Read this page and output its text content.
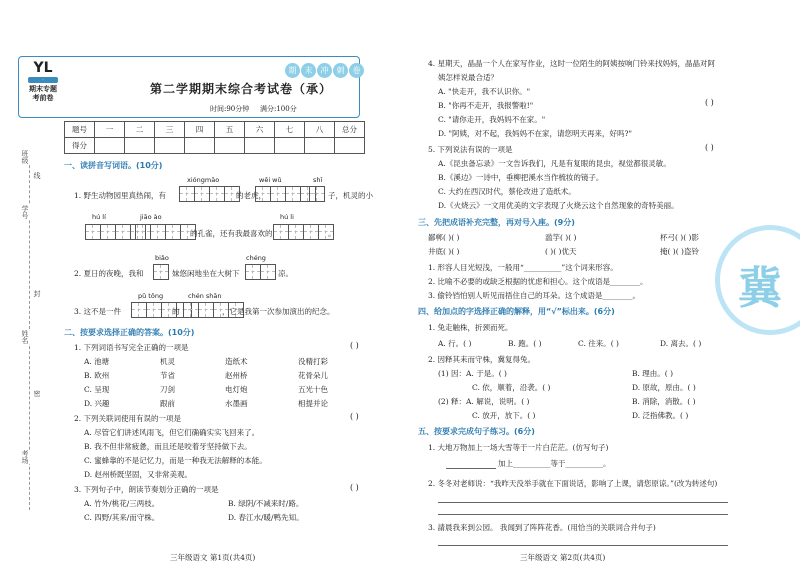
班级
学号
姓名
考场
线
封
密
YL
·
期末专题
考前卷
期 末 冲 刺 卷
第二学期期末综合考试卷（承）
时间:90分钟 满分:100分
题号	一	二	三	四	五	六	七	八	总分
得分									
一、读拼音写词语。(10分)
xióngmāo	wěi wǔ	shī
1. 野生动物园里真热闹，有	的老虎，	子，机灵的小
hú lí	jiāo ào	hú li
的孔雀，还有我最喜欢的	。
biǎo	chéng
2. 夏日的夜晚，我和	妹悠闲地坐在大树下	凉。
pǔ tōng	chén shān
3. 这不是一件	的	，它是我第一次参加演出的纪念。
二、按要求选择正确的答案。(10分)
1. 下列词语书写完全正确的一项是	( )
A. 池塘	机灵	造纸术	没精打彩
B. 欧州	节省	赵州桥	花骨朵儿
C. 呈现	刀剑	电灯炮	五光十色
D. 兴趣	跟前	水墨画	相提并论
2. 下列关联词使用有误的一项是	( )
A. 尽管它们讲述风雨飞，但它们确确实实飞回来了。
B. 我不但非常疲惫，而且还是咬着牙坚持做下去。
C. 蜜蜂靠的不是记忆力，而是一种我无法解释的本能。
D. 赵州桥既坚固，又非常美观。
3. 下列句子中，朗读节奏划分正确的一项是	( )
A. 竹外/桃花/三两枝。	B. 绿阴/不减来时/路。
C. 四野/其来/而守株。	D. 春江水/暖/鸭先知。
三年级语文 第1页(共4页)
4. 星期天，晶晶一个人在家写作业，这时一位陌生的阿姨按响门铃来找妈妈，晶晶对阿
姨怎样说最合适？
( )
A. "快走开，我不认识你。"
B. "你再不走开，我报警啦!"
C. "请你走开，我妈妈不在家。"
D. "阿姨，对不起，我妈妈不在家，请您明天再来，好吗?"
5. 下列说法有误的一项是	( )
A.《昆虫备忘录》一文告诉我们，凡是有复眼的昆虫，视觉都很灵敏。
B.《溪边》一诗中，垂柳把溪水当作梳妆的镜子。
C. 大约在西汉时代，蔡伦改进了造纸术。
D.《火烧云》一文用优美的文字表现了火烧云这个自然现象的奇特美丽。
三、先把成语补充完整，再对号入座。(9分)
鄙郸( )( )	滥竽( )( )	杯弓( )( )影
井底( )( )	( )( )优天	掩( )( )盗铃
1. 形容人目光短浅，一般用“__________”这个词来形容。
2. 比喻不必要的或缺乏根据的忧虑和担心。这个成语是________。
3. 偷铃铛怕别人听见而捂住自己的耳朵。这个成语是________。
四、给加点的字选择正确的解释，用“√”标出来。(6分)
1. 兔走触株，折颈而死。
A. 行。( )	B. 跑。( )	C. 往来。( )	D. 离去。( )
2. 因释其耒而守株，冀复得兔。
(1) 因：A. 于是。( )	B. 理由。( )
C. 依，顺着，沿袭。( )	D. 原故，原由。( )
(2) 释：A. 解说，说明。( )	B. 消除，消散。( )
C. 放开，放下。( )	D. 泛指佛教。( )
五、按要求完成句子练习。(6分)
1. 大地万物加上一场大雪等于一片白茫茫。(仿写句子)
加上__________等于__________。
2. 冬冬对老师说：“我昨天没举手就在下面说话，影响了上课，请您原谅。”(改为转述句)
3. 請晨我来到公园。 我闻到了阵阵花香。(用恰当的关联词合并句子)
三年级语文 第2页(共4页)
冀
